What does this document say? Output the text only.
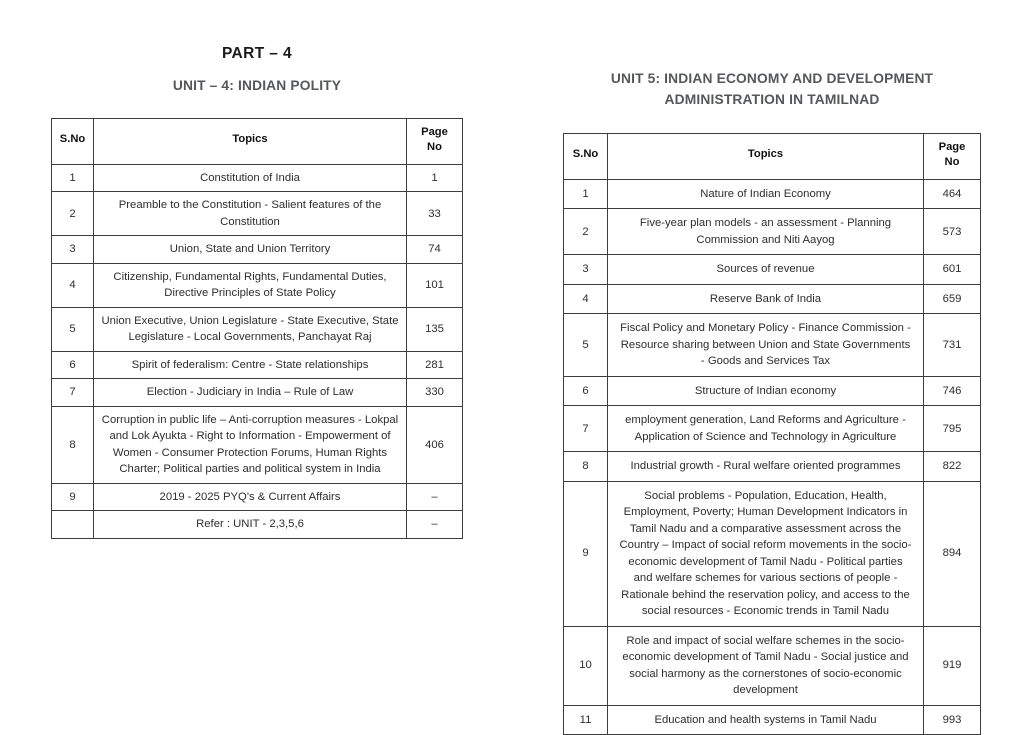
PART – 4
UNIT – 4: INDIAN POLITY
S.No	Topics	Page
No
1	Constitution of India	1
2	Preamble to the Constitution - Salient features of the Constitution	33
3	Union, State and Union Territory	74
4	Citizenship, Fundamental Rights, Fundamental Duties, Directive Principles of State Policy	101
5	Union Executive, Union Legislature - State Executive, State Legislature - Local Governments, Panchayat Raj	135
6	Spirit of federalism: Centre - State relationships	281
7	Election - Judiciary in India – Rule of Law	330
8	Corruption in public life – Anti-corruption measures - Lokpal and Lok Ayukta - Right to Information - Empowerment of Women - Consumer Protection Forums, Human Rights Charter; Political parties and political system in India	406
9	2019 - 2025 PYQ's & Current Affairs	–
	Refer : UNIT - 2,3,5,6	–
UNIT 5: INDIAN ECONOMY AND DEVELOPMENT
ADMINISTRATION IN TAMILNAD
S.No	Topics	Page
No
1	Nature of Indian Economy	464
2	Five-year plan models - an assessment - Planning Commission and Niti Aayog	573
3	Sources of revenue	601
4	Reserve Bank of India	659
5	Fiscal Policy and Monetary Policy - Finance Commission - Resource sharing between Union and State Governments - Goods and Services Tax	731
6	Structure of Indian economy	746
7	employment generation, Land Reforms and Agriculture - Application of Science and Technology in Agriculture	795
8	Industrial growth - Rural welfare oriented programmes	822
9	Social problems - Population, Education, Health, Employment, Poverty; Human Development Indicators in Tamil Nadu and a comparative assessment across the Country – Impact of social reform movements in the socio-economic development of Tamil Nadu - Political parties and welfare schemes for various sections of people - Rationale behind the reservation policy, and access to the social resources - Economic trends in Tamil Nadu	894
10	Role and impact of social welfare schemes in the socio-economic development of Tamil Nadu - Social justice and social harmony as the cornerstones of socio-economic development	919
11	Education and health systems in Tamil Nadu	993
